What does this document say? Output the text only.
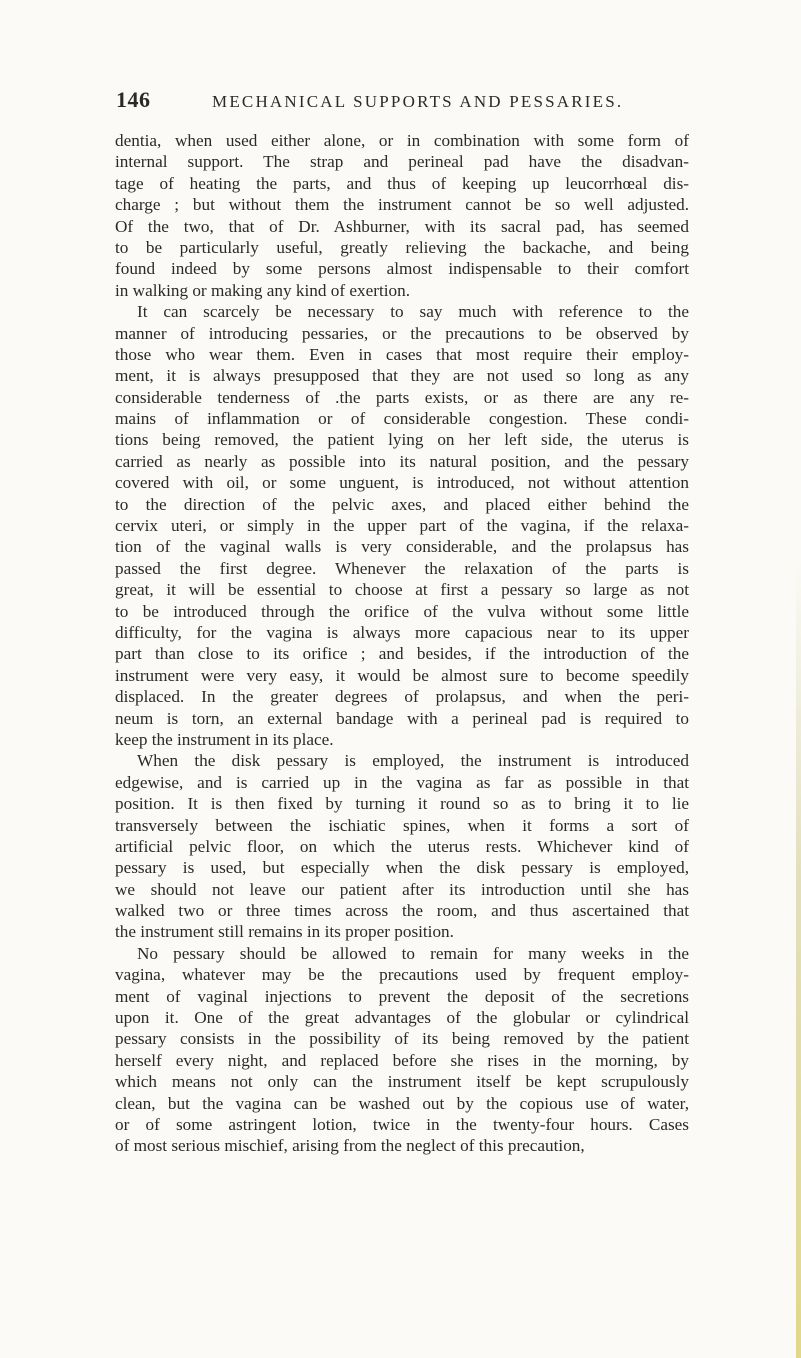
146	MECHANICAL SUPPORTS AND PESSARIES.
dentia, when used either alone, or in combination with some form of
internal support. The strap and perineal pad have the disadvan-
tage of heating the parts, and thus of keeping up leucorrhœal dis-
charge ; but without them the instrument cannot be so well adjusted.
Of the two, that of Dr. Ashburner, with its sacral pad, has seemed
to be particularly useful, greatly relieving the backache, and being
found indeed by some persons almost indispensable to their comfort
in walking or making any kind of exertion.
It can scarcely be necessary to say much with reference to the
manner of introducing pessaries, or the precautions to be observed by
those who wear them. Even in cases that most require their employ-
ment, it is always presupposed that they are not used so long as any
considerable tenderness of .the parts exists, or as there are any re-
mains of inflammation or of considerable congestion. These condi-
tions being removed, the patient lying on her left side, the uterus is
carried as nearly as possible into its natural position, and the pessary
covered with oil, or some unguent, is introduced, not without attention
to the direction of the pelvic axes, and placed either behind the
cervix uteri, or simply in the upper part of the vagina, if the relaxa-
tion of the vaginal walls is very considerable, and the prolapsus has
passed the first degree. Whenever the relaxation of the parts is
great, it will be essential to choose at first a pessary so large as not
to be introduced through the orifice of the vulva without some little
difficulty, for the vagina is always more capacious near to its upper
part than close to its orifice ; and besides, if the introduction of the
instrument were very easy, it would be almost sure to become speedily
displaced. In the greater degrees of prolapsus, and when the peri-
neum is torn, an external bandage with a perineal pad is required to
keep the instrument in its place.
When the disk pessary is employed, the instrument is introduced
edgewise, and is carried up in the vagina as far as possible in that
position. It is then fixed by turning it round so as to bring it to lie
transversely between the ischiatic spines, when it forms a sort of
artificial pelvic floor, on which the uterus rests. Whichever kind of
pessary is used, but especially when the disk pessary is employed,
we should not leave our patient after its introduction until she has
walked two or three times across the room, and thus ascertained that
the instrument still remains in its proper position.
No pessary should be allowed to remain for many weeks in the
vagina, whatever may be the precautions used by frequent employ-
ment of vaginal injections to prevent the deposit of the secretions
upon it. One of the great advantages of the globular or cylindrical
pessary consists in the possibility of its being removed by the patient
herself every night, and replaced before she rises in the morning, by
which means not only can the instrument itself be kept scrupulously
clean, but the vagina can be washed out by the copious use of water,
or of some astringent lotion, twice in the twenty-four hours. Cases
of most serious mischief, arising from the neglect of this precaution,
